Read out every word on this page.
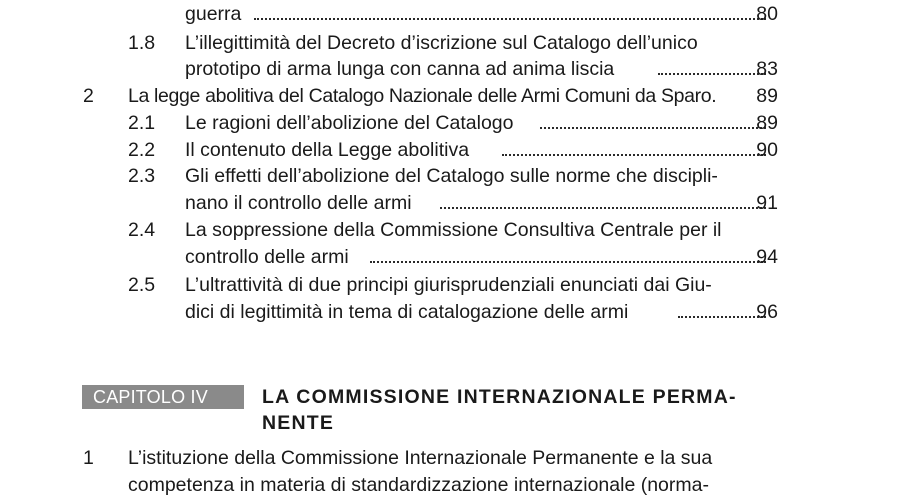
guerra	80
1.8 L’illegittimità del Decreto d’iscrizione sul Catalogo dell’unico
prototipo di arma lunga con canna ad anima liscia	83
2 La legge abolitiva del Catalogo Nazionale delle Armi Comuni da Sparo.	89
2.1 Le ragioni dell’abolizione del Catalogo	89
2.2 Il contenuto della Legge abolitiva	90
2.3 Gli effetti dell’abolizione del Catalogo sulle norme che discipli-
nano il controllo delle armi	91
2.4 La soppressione della Commissione Consultiva Centrale per il
controllo delle armi	94
2.5 L’ultrattività di due principi giurisprudenziali enunciati dai Giu-
dici di legittimità in tema di catalogazione delle armi	96
CAPITOLO IV	LA COMMISSIONE INTERNAZIONALE PERMA-
NENTE
1 L’istituzione della Commissione Internazionale Permanente e la sua
competenza in materia di standardizzazione internazionale (norma-
